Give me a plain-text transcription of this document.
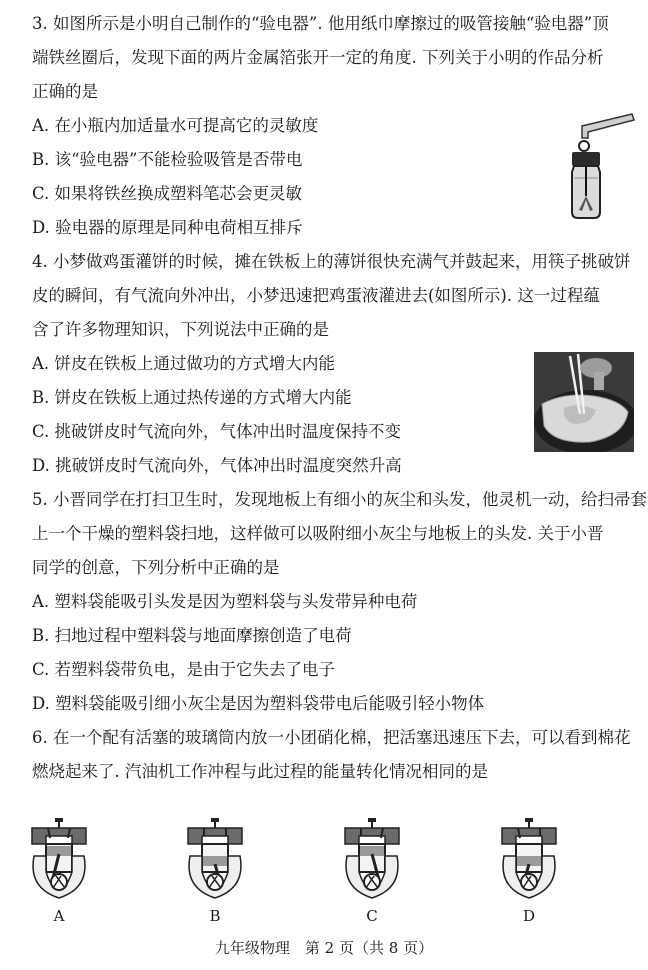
3. 如图所示是小明自己制作的“验电器”. 他用纸巾摩擦过的吸管接触“验电器”顶
端铁丝圈后，发现下面的两片金属箔张开一定的角度. 下列关于小明的作品分析
正确的是
A. 在小瓶内加适量水可提高它的灵敏度
B. 该“验电器”不能检验吸管是否带电
C. 如果将铁丝换成塑料笔芯会更灵敏
D. 验电器的原理是同种电荷相互排斥
4. 小梦做鸡蛋灌饼的时候，摊在铁板上的薄饼很快充满气并鼓起来，用筷子挑破饼
皮的瞬间，有气流向外冲出，小梦迅速把鸡蛋液灌进去(如图所示). 这一过程蕴
含了许多物理知识，下列说法中正确的是
A. 饼皮在铁板上通过做功的方式增大内能
B. 饼皮在铁板上通过热传递的方式增大内能
C. 挑破饼皮时气流向外，气体冲出时温度保持不变
D. 挑破饼皮时气流向外，气体冲出时温度突然升高
5. 小晋同学在打扫卫生时，发现地板上有细小的灰尘和头发，他灵机一动，给扫帚套
上一个干燥的塑料袋扫地，这样做可以吸附细小灰尘与地板上的头发. 关于小晋
同学的创意，下列分析中正确的是
A. 塑料袋能吸引头发是因为塑料袋与头发带异种电荷
B. 扫地过程中塑料袋与地面摩擦创造了电荷
C. 若塑料袋带负电，是由于它失去了电子
D. 塑料袋能吸引细小灰尘是因为塑料袋带电后能吸引轻小物体
6. 在一个配有活塞的玻璃筒内放一小团硝化棉，把活塞迅速压下去，可以看到棉花
燃烧起来了. 汽油机工作冲程与此过程的能量转化情况相同的是
A	B	C	D
九年级物理　第 2 页（共 8 页）
